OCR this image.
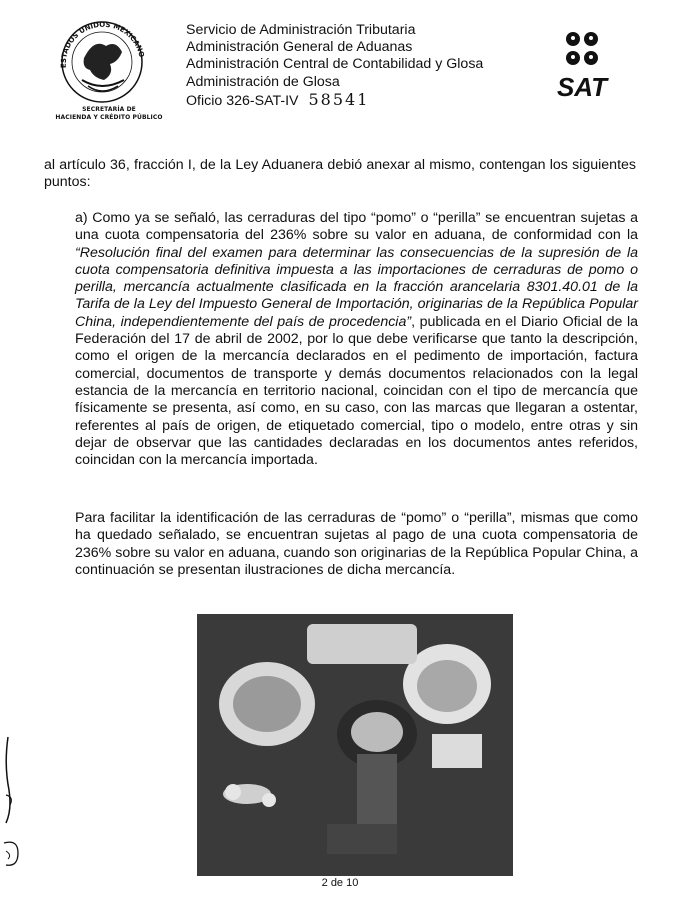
ESTADOS UNIDOS MEXICANO
SECRETARÍA DE
HACIENDA Y CRÉDITO PÚBLICO
Servicio de Administración Tributaria
Administración General de Aduanas
Administración Central de Contabilidad y Glosa
Administración de Glosa
Oficio 326-SAT-IV 58541	SAT
al artículo 36, fracción I, de la Ley Aduanera debió anexar al mismo, contengan los siguientes puntos:
a) Como ya se señaló, las cerraduras del tipo “pomo” o “perilla” se encuentran sujetas a una cuota compensatoria del 236% sobre su valor en aduana, de conformidad con la “Resolución final del examen para determinar las consecuencias de la supresión de la cuota compensatoria definitiva impuesta a las importaciones de cerraduras de pomo o perilla, mercancía actualmente clasificada en la fracción arancelaria 8301.40.01 de la Tarifa de la Ley del Impuesto General de Importación, originarias de la República Popular China, independientemente del país de procedencia”, publicada en el Diario Oficial de la Federación del 17 de abril de 2002, por lo que debe verificarse que tanto la descripción, como el origen de la mercancía declarados en el pedimento de importación, factura comercial, documentos de transporte y demás documentos relacionados con la legal estancia de la mercancía en territorio nacional, coincidan con el tipo de mercancía que físicamente se presenta, así como, en su caso, con las marcas que llegaran a ostentar, referentes al país de origen, de etiquetado comercial, tipo o modelo, entre otras y sin dejar de observar que las cantidades declaradas en los documentos antes referidos, coincidan con la mercancía importada.
Para facilitar la identificación de las cerraduras de “pomo” o “perilla”, mismas que como ha quedado señalado, se encuentran sujetas al pago de una cuota compensatoria de 236% sobre su valor en aduana, cuando son originarias de la República Popular China, a continuación se presentan ilustraciones de dicha mercancía.
2 de 10
